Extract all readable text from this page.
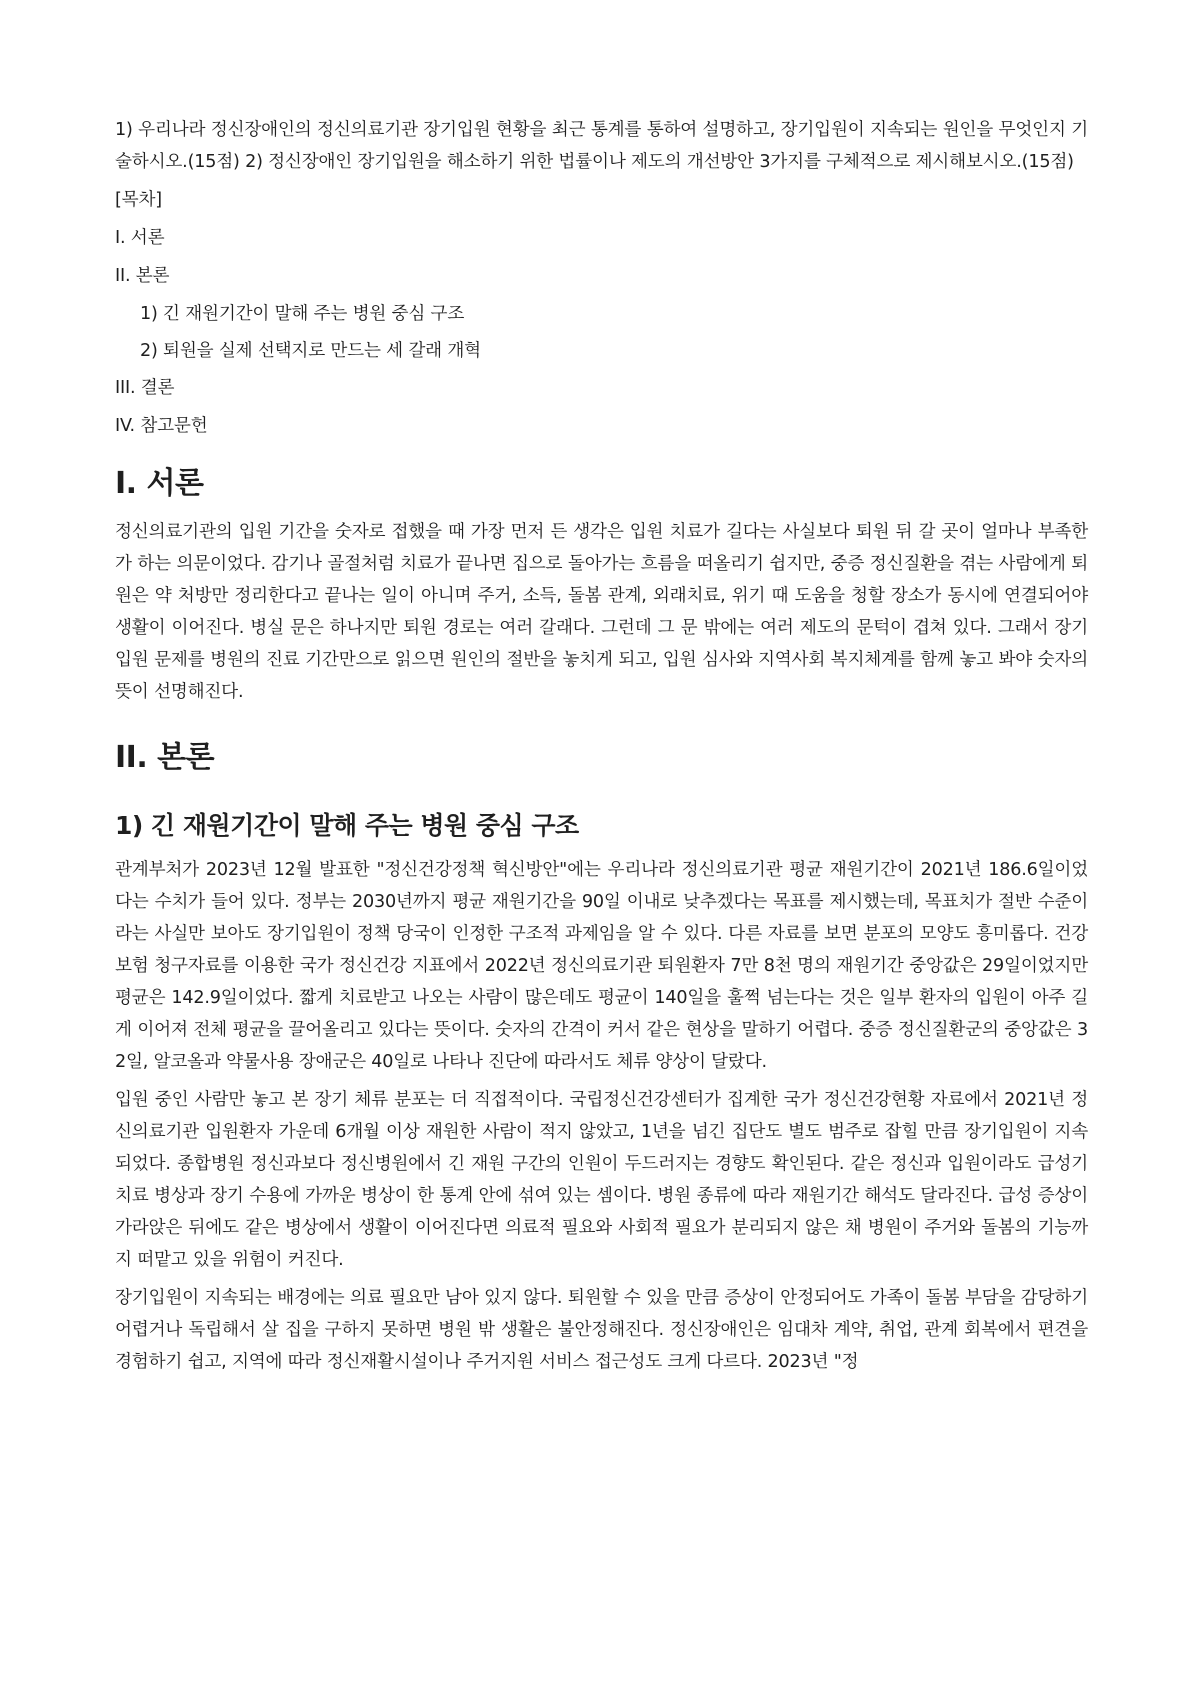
1) 우리나라 정신장애인의 정신의료기관 장기입원 현황을 최근 통계를 통하여 설명하고, 장기입원이 지속되는 원인을 무엇인지 기술하시오.(15점) 2) 정신장애인 장기입원을 해소하기 위한 법률이나 제도의 개선방안 3가지를 구체적으로 제시해보시오.(15점)

[목차]

I. 서론

II. 본론

1) 긴 재원기간이 말해 주는 병원 중심 구조

2) 퇴원을 실제 선택지로 만드는 세 갈래 개혁

III. 결론

IV. 참고문헌

I. 서론

정신의료기관의 입원 기간을 숫자로 접했을 때 가장 먼저 든 생각은 입원 치료가 길다는 사실보다 퇴원 뒤 갈 곳이 얼마나 부족한가 하는 의문이었다. 감기나 골절처럼 치료가 끝나면 집으로 돌아가는 흐름을 떠올리기 쉽지만, 중증 정신질환을 겪는 사람에게 퇴원은 약 처방만 정리한다고 끝나는 일이 아니며 주거, 소득, 돌봄 관계, 외래치료, 위기 때 도움을 청할 장소가 동시에 연결되어야 생활이 이어진다. 병실 문은 하나지만 퇴원 경로는 여러 갈래다. 그런데 그 문 밖에는 여러 제도의 문턱이 겹쳐 있다. 그래서 장기입원 문제를 병원의 진료 기간만으로 읽으면 원인의 절반을 놓치게 되고, 입원 심사와 지역사회 복지체계를 함께 놓고 봐야 숫자의 뜻이 선명해진다.

II. 본론
1) 긴 재원기간이 말해 주는 병원 중심 구조

관계부처가 2023년 12월 발표한 "정신건강정책 혁신방안"에는 우리나라 정신의료기관 평균 재원기간이 2021년 186.6일이었다는 수치가 들어 있다. 정부는 2030년까지 평균 재원기간을 90일 이내로 낮추겠다는 목표를 제시했는데, 목표치가 절반 수준이라는 사실만 보아도 장기입원이 정책 당국이 인정한 구조적 과제임을 알 수 있다. 다른 자료를 보면 분포의 모양도 흥미롭다. 건강보험 청구자료를 이용한 국가 정신건강 지표에서 2022년 정신의료기관 퇴원환자 7만 8천 명의 재원기간 중앙값은 29일이었지만 평균은 142.9일이었다. 짧게 치료받고 나오는 사람이 많은데도 평균이 140일을 훌쩍 넘는다는 것은 일부 환자의 입원이 아주 길게 이어져 전체 평균을 끌어올리고 있다는 뜻이다. 숫자의 간격이 커서 같은 현상을 말하기 어렵다. 중증 정신질환군의 중앙값은 32일, 알코올과 약물사용 장애군은 40일로 나타나 진단에 따라서도 체류 양상이 달랐다.

입원 중인 사람만 놓고 본 장기 체류 분포는 더 직접적이다. 국립정신건강센터가 집계한 국가 정신건강현황 자료에서 2021년 정신의료기관 입원환자 가운데 6개월 이상 재원한 사람이 적지 않았고, 1년을 넘긴 집단도 별도 범주로 잡힐 만큼 장기입원이 지속되었다. 종합병원 정신과보다 정신병원에서 긴 재원 구간의 인원이 두드러지는 경향도 확인된다. 같은 정신과 입원이라도 급성기 치료 병상과 장기 수용에 가까운 병상이 한 통계 안에 섞여 있는 셈이다. 병원 종류에 따라 재원기간 해석도 달라진다. 급성 증상이 가라앉은 뒤에도 같은 병상에서 생활이 이어진다면 의료적 필요와 사회적 필요가 분리되지 않은 채 병원이 주거와 돌봄의 기능까지 떠맡고 있을 위험이 커진다.

장기입원이 지속되는 배경에는 의료 필요만 남아 있지 않다. 퇴원할 수 있을 만큼 증상이 안정되어도 가족이 돌봄 부담을 감당하기 어렵거나 독립해서 살 집을 구하지 못하면 병원 밖 생활은 불안정해진다. 정신장애인은 임대차 계약, 취업, 관계 회복에서 편견을 경험하기 쉽고, 지역에 따라 정신재활시설이나 주거지원 서비스 접근성도 크게 다르다. 2023년 "정
